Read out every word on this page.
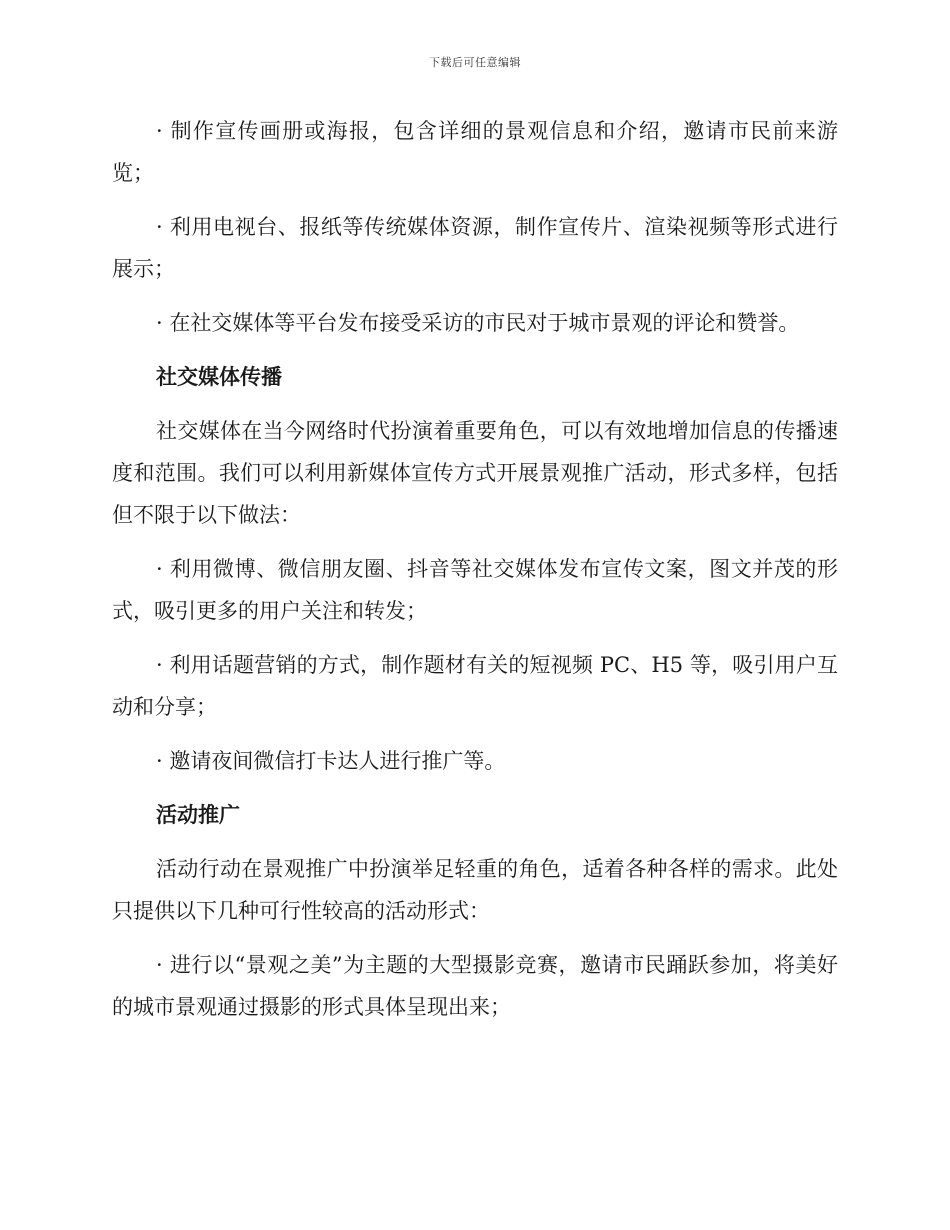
下载后可任意编辑

· 制作宣传画册或海报，包含详细的景观信息和介绍，邀请市民前来游览；

· 利用电视台、报纸等传统媒体资源，制作宣传片、渲染视频等形式进行展示；

· 在社交媒体等平台发布接受采访的市民对于城市景观的评论和赞誉。

社交媒体传播

社交媒体在当今网络时代扮演着重要角色，可以有效地增加信息的传播速度和范围。我们可以利用新媒体宣传方式开展景观推广活动，形式多样，包括但不限于以下做法：

· 利用微博、微信朋友圈、抖音等社交媒体发布宣传文案，图文并茂的形式，吸引更多的用户关注和转发；

· 利用话题营销的方式，制作题材有关的短视频 PC、H5 等，吸引用户互动和分享；

· 邀请夜间微信打卡达人进行推广等。

活动推广

活动行动在景观推广中扮演举足轻重的角色，适着各种各样的需求。此处只提供以下几种可行性较高的活动形式：

· 进行以“景观之美”为主题的大型摄影竞赛，邀请市民踊跃参加，将美好的城市景观通过摄影的形式具体呈现出来；
